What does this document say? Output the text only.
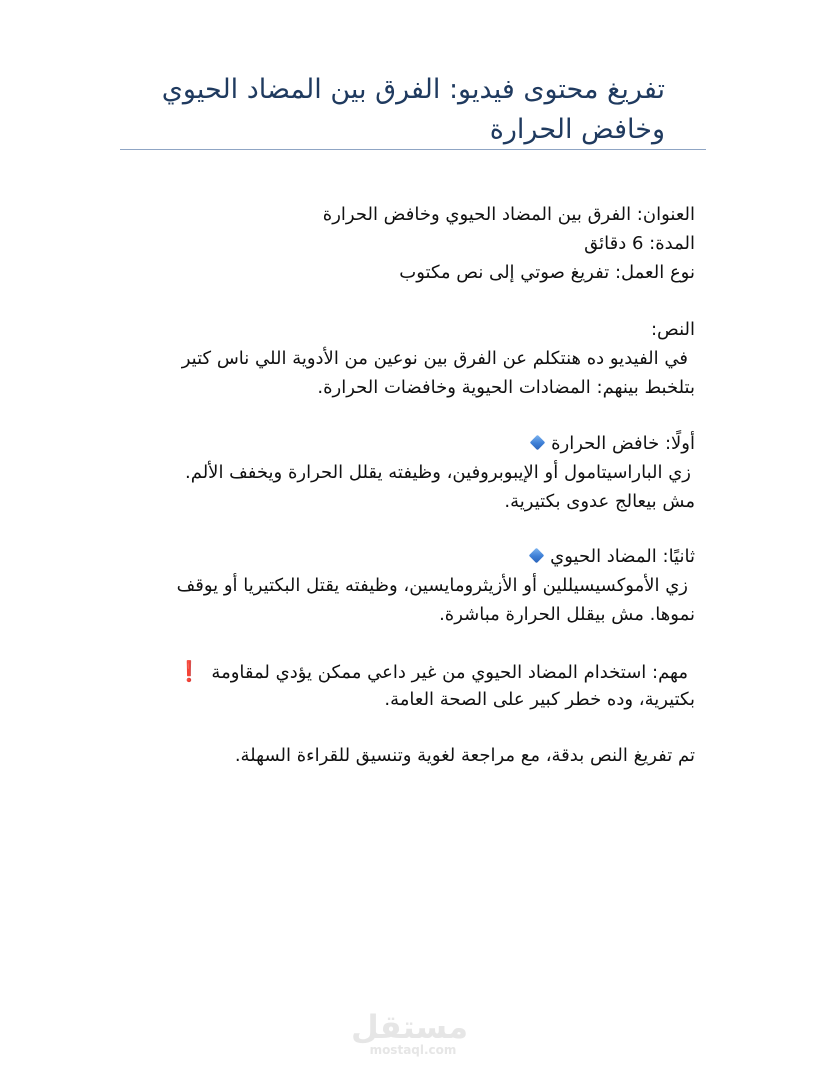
تفريغ محتوى فيديو: الفرق بين المضاد الحيوي وخافض الحرارة
العنوان: الفرق بين المضاد الحيوي وخافض الحرارة
المدة: 6 دقائق
نوع العمل: تفريغ صوتي إلى نص مكتوب
النص:
في الفيديو ده هنتكلم عن الفرق بين نوعين من الأدوية اللي ناس كتير
بتلخبط بينهم: المضادات الحيوية وخافضات الحرارة.
أولًا: خافض الحرارة
زي الباراسيتامول أو الإيبوبروفين، وظيفته يقلل الحرارة ويخفف الألم.
مش بيعالج عدوى بكتيرية.
ثانيًا: المضاد الحيوي
زي الأموكسيسيللين أو الأزيثرومايسين، وظيفته يقتل البكتيريا أو يوقف
نموها. مش بيقلل الحرارة مباشرة.
مهم: استخدام المضاد الحيوي من غير داعي ممكن يؤدي لمقاومة❗
بكتيرية، وده خطر كبير على الصحة العامة.
تم تفريغ النص بدقة، مع مراجعة لغوية وتنسيق للقراءة السهلة.
مستقل
mostaql.com
